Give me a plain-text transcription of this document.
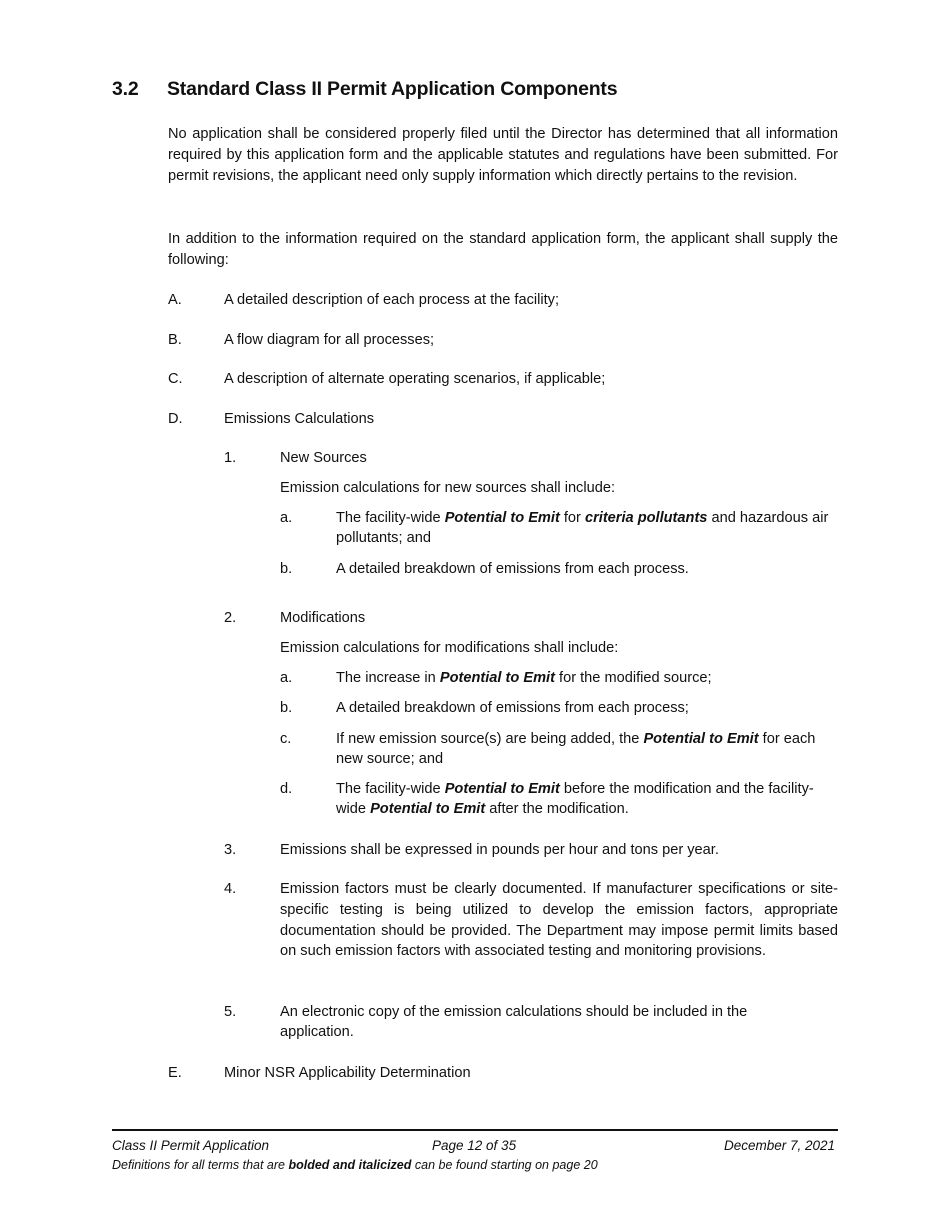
3.2 Standard Class II Permit Application Components
No application shall be considered properly filed until the Director has determined that all information required by this application form and the applicable statutes and regulations have been submitted. For permit revisions, the applicant need only supply information which directly pertains to the revision.
In addition to the information required on the standard application form, the applicant shall supply the following:
A.	A detailed description of each process at the facility;
B.	A flow diagram for all processes;
C.	A description of alternate operating scenarios, if applicable;
D.	Emissions Calculations
1.	New Sources
Emission calculations for new sources shall include:
a.	The facility-wide Potential to Emit for criteria pollutants and hazardous air pollutants; and
b.	A detailed breakdown of emissions from each process.
2.	Modifications
Emission calculations for modifications shall include:
a.	The increase in Potential to Emit for the modified source;
b.	A detailed breakdown of emissions from each process;
c.	If new emission source(s) are being added, the Potential to Emit for each new source; and
d.	The facility-wide Potential to Emit before the modification and the facility-wide Potential to Emit after the modification.
3.	Emissions shall be expressed in pounds per hour and tons per year.
4.	Emission factors must be clearly documented. If manufacturer specifications or site-specific testing is being utilized to develop the emission factors, appropriate documentation should be provided. The Department may impose permit limits based on such emission factors with associated testing and monitoring provisions.
5.	An electronic copy of the emission calculations should be included in the application.
E.	Minor NSR Applicability Determination
Class II Permit Application	Page 12 of 35	December 7, 2021
Definitions for all terms that are bolded and italicized can be found starting on page 20
